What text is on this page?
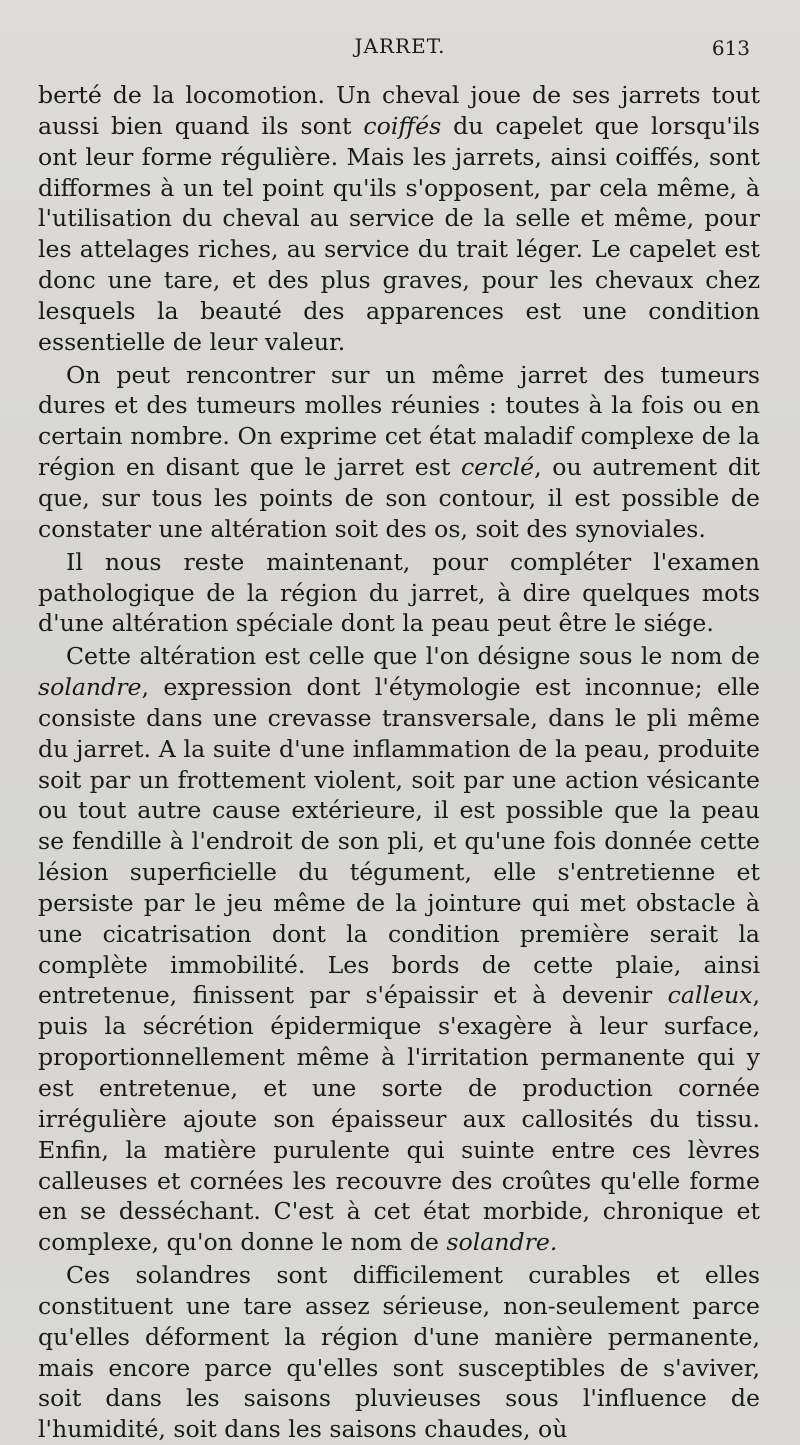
JARRET.	613

berté de la locomotion. Un cheval joue de ses jarrets tout aussi bien quand ils sont coiffés du capelet que lorsqu'ils ont leur forme régulière. Mais les jarrets, ainsi coiffés, sont difformes à un tel point qu'ils s'opposent, par cela même, à l'utilisation du cheval au service de la selle et même, pour les attelages riches, au service du trait léger. Le capelet est donc une tare, et des plus graves, pour les chevaux chez lesquels la beauté des apparences est une condition essentielle de leur valeur.

On peut rencontrer sur un même jarret des tumeurs dures et des tumeurs molles réunies : toutes à la fois ou en certain nombre. On exprime cet état maladif complexe de la région en disant que le jarret est cerclé, ou autrement dit que, sur tous les points de son contour, il est possible de constater une altération soit des os, soit des synoviales.

Il nous reste maintenant, pour compléter l'examen pathologique de la région du jarret, à dire quelques mots d'une altération spéciale dont la peau peut être le siége.

Cette altération est celle que l'on désigne sous le nom de solandre, expression dont l'étymologie est inconnue; elle consiste dans une crevasse transversale, dans le pli même du jarret. A la suite d'une inflammation de la peau, produite soit par un frottement violent, soit par une action vésicante ou tout autre cause extérieure, il est possible que la peau se fendille à l'endroit de son pli, et qu'une fois donnée cette lésion superficielle du tégument, elle s'entretienne et persiste par le jeu même de la jointure qui met obstacle à une cicatrisation dont la condition première serait la complète immobilité. Les bords de cette plaie, ainsi entretenue, finissent par s'épaissir et à devenir calleux, puis la sécrétion épidermique s'exagère à leur surface, proportionnellement même à l'irritation permanente qui y est entretenue, et une sorte de production cornée irrégulière ajoute son épaisseur aux callosités du tissu. Enfin, la matière purulente qui suinte entre ces lèvres calleuses et cornées les recouvre des croûtes qu'elle forme en se desséchant. C'est à cet état morbide, chronique et complexe, qu'on donne le nom de solandre.

Ces solandres sont difficilement curables et elles constituent une tare assez sérieuse, non-seulement parce qu'elles déforment la région d'une manière permanente, mais encore parce qu'elles sont susceptibles de s'aviver, soit dans les saisons pluvieuses sous l'influence de l'humidité, soit dans les saisons chaudes, où
